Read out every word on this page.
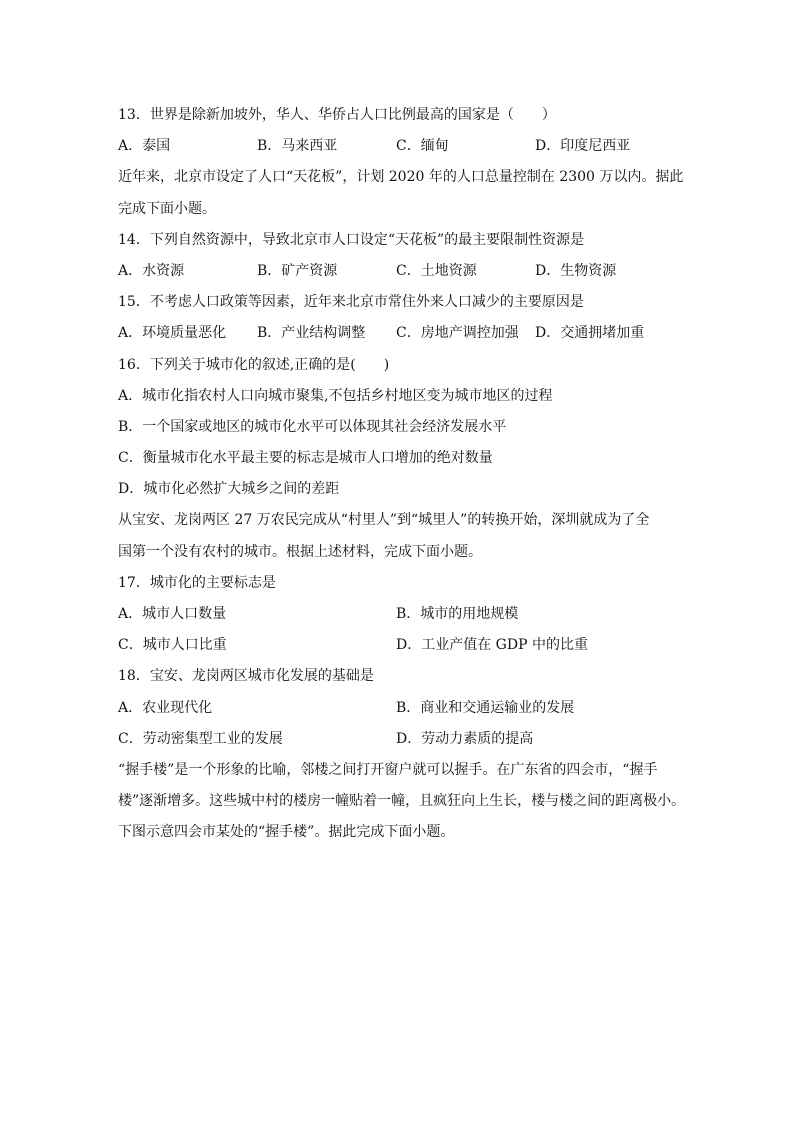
13．世界是除新加坡外，华人、华侨占人口比例最高的国家是（　　）
A．泰国	B．马来西亚	C．缅甸	D．印度尼西亚
近年来，北京市设定了人口“天花板”，计划 2020 年的人口总量控制在 2300 万以内。据此
完成下面小题。
14．下列自然资源中，导致北京市人口设定“天花板”的最主要限制性资源是
A．水资源	B．矿产资源	C．土地资源	D．生物资源
15．不考虑人口政策等因素，近年来北京市常住外来人口减少的主要原因是
A．环境质量恶化	B．产业结构调整	C．房地产调控加强	D．交通拥堵加重
16．下列关于城市化的叙述,正确的是(　　)
A．城市化指农村人口向城市聚集,不包括乡村地区变为城市地区的过程
B．一个国家或地区的城市化水平可以体现其社会经济发展水平
C．衡量城市化水平最主要的标志是城市人口增加的绝对数量
D．城市化必然扩大城乡之间的差距
从宝安、龙岗两区 27 万农民完成从“村里人”到“城里人”的转换开始，深圳就成为了全
国第一个没有农村的城市。根据上述材料，完成下面小题。
17．城市化的主要标志是
A．城市人口数量	B．城市的用地规模
C．城市人口比重	D．工业产值在 GDP 中的比重
18．宝安、龙岗两区城市化发展的基础是
A．农业现代化	B．商业和交通运输业的发展
C．劳动密集型工业的发展	D．劳动力素质的提高
“握手楼”是一个形象的比喻，邻楼之间打开窗户就可以握手。在广东省的四会市，“握手
楼”逐渐增多。这些城中村的楼房一幢贴着一幢，且疯狂向上生长，楼与楼之间的距离极小。
下图示意四会市某处的“握手楼”。据此完成下面小题。
